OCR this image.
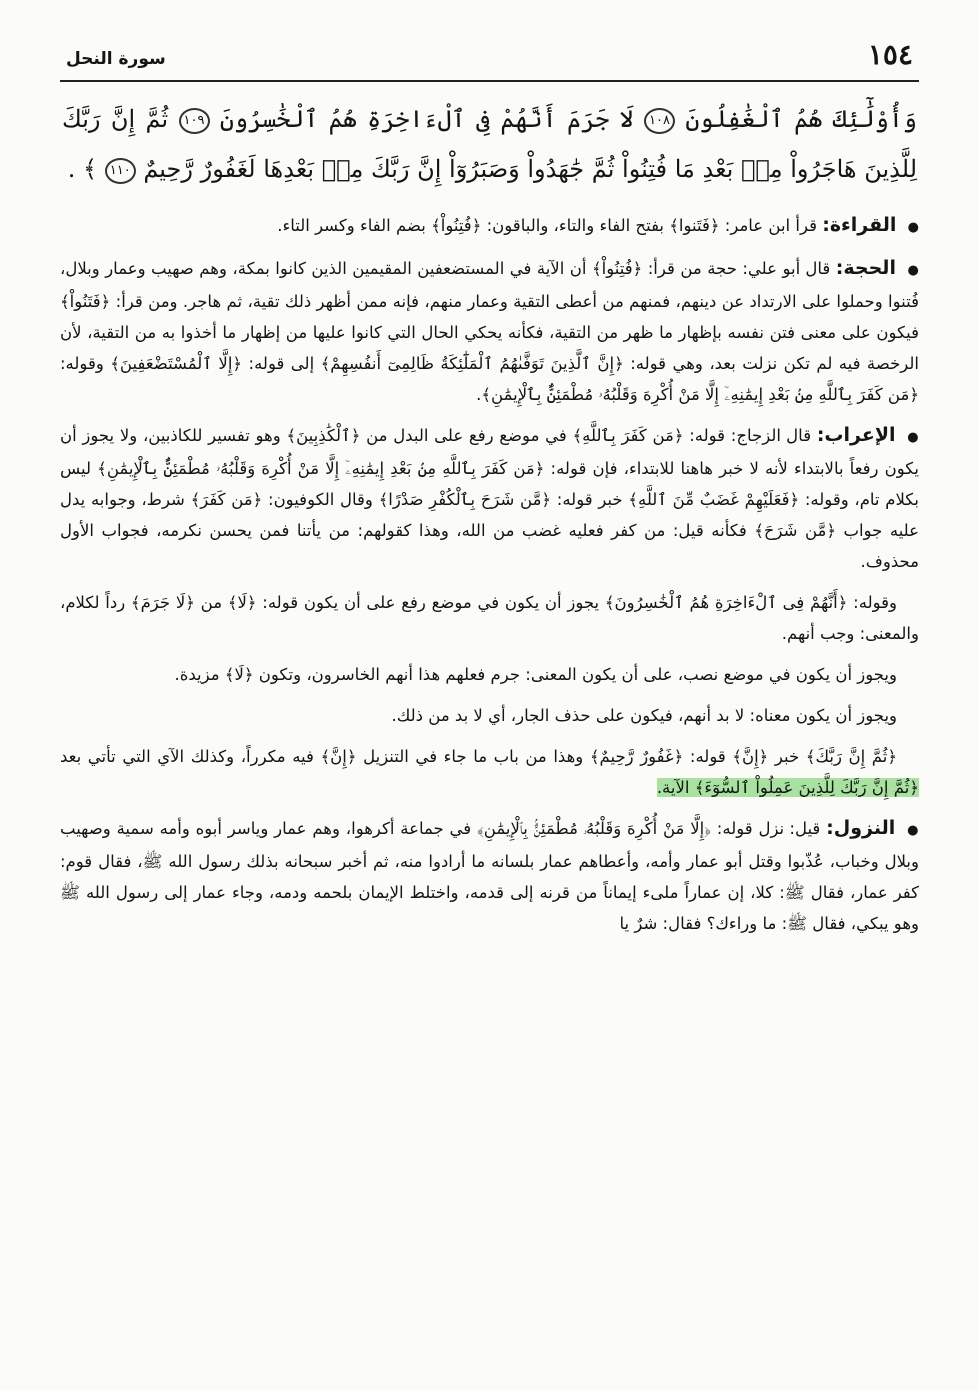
١٥٤
سورة النحل
وَأُوْلَٰٓئِكَ هُمُ ٱلْغَٰفِلُونَ ١٠٨ لَا جَرَمَ أَنَّهُمْ فِى ٱلْءَاخِرَةِ هُمُ ٱلْخَٰسِرُونَ ١٠٩ ثُمَّ إِنَّ رَبَّكَ لِلَّذِينَ هَاجَرُواْ مِنۢ بَعْدِ مَا فُتِنُواْ ثُمَّ جَٰهَدُواْ وَصَبَرُوٓاْ إِنَّ رَبَّكَ مِنۢ بَعْدِهَا لَغَفُورٌ رَّحِيمٌ ١١٠ ﴾ .
● القراءة: قرأ ابن عامر: ﴿فَتَنوا﴾ بفتح الفاء والتاء، والباقون: ﴿فُتِنُواْ﴾ بضم الفاء وكسر التاء.
● الحجة: قال أبو علي: حجة من قرأ: ﴿فُتِنُواْ﴾ أن الآية في المستضعفين المقيمين الذين كانوا بمكة، وهم صهيب وعمار وبلال، فُتنوا وحملوا على الارتداد عن دينهم، فمنهم من أعطى التقية وعمار منهم، فإنه ممن أظهر ذلك تقية، ثم هاجر. ومن قرأ: ﴿فَتَنُواْ﴾ فيكون على معنى فتن نفسه بإظهار ما ظهر من التقية، فكأنه يحكي الحال التي كانوا عليها من إظهار ما أخذوا به من التقية، لأن الرخصة فيه لم تكن نزلت بعد، وهي قوله: ﴿إِنَّ ٱلَّذِينَ تَوَفَّىٰهُمُ ٱلْمَلَٰٓئِكَةُ ظَالِمِىٓ أَنفُسِهِمْ﴾ إلى قوله: ﴿إِلَّا ٱلْمُسْتَضْعَفِينَ﴾ وقوله: ﴿مَن كَفَرَ بِٱللَّهِ مِنۢ بَعْدِ إِيمَٰنِهِۦٓ إِلَّا مَنْ أُكْرِهَ وَقَلْبُهُۥ مُطْمَئِنٌّۢ بِٱلْإِيمَٰنِ﴾.
● الإعراب: قال الزجاج: قوله: ﴿مَن كَفَرَ بِٱللَّهِ﴾ في موضع رفع على البدل من ﴿ٱلْكَٰذِبِينَ﴾ وهو تفسير للكاذبين، ولا يجوز أن يكون رفعاً بالابتداء لأنه لا خبر هاهنا للابتداء، فإن قوله: ﴿مَن كَفَرَ بِٱللَّهِ مِنۢ بَعْدِ إِيمَٰنِهِۦٓ إِلَّا مَنْ أُكْرِهَ وَقَلْبُهُۥ مُطْمَئِنٌّۢ بِٱلْإِيمَٰنِ﴾ ليس بكلام تام، وقوله: ﴿فَعَلَيْهِمْ غَضَبٌ مِّنَ ٱللَّهِ﴾ خبر قوله: ﴿مَّن شَرَحَ بِٱلْكُفْرِ صَدْرًا﴾ وقال الكوفيون: ﴿مَن كَفَرَ﴾ شرط، وجوابه يدل عليه جواب ﴿مَّن شَرَحَ﴾ فكأنه قيل: من كفر فعليه غضب من الله، وهذا كقولهم: من يأتنا فمن يحسن نكرمه، فجواب الأول محذوف.
وقوله: ﴿أَنَّهُمْ فِى ٱلْءَاخِرَةِ هُمُ ٱلْخَٰسِرُونَ﴾ يجوز أن يكون في موضع رفع على أن يكون قوله: ﴿لَا﴾ من ﴿لَا جَرَمَ﴾ رداً لكلام، والمعنى: وجب أنهم.
ويجوز أن يكون في موضع نصب، على أن يكون المعنى: جرم فعلهم هذا أنهم الخاسرون، وتكون ﴿لَا﴾ مزيدة.
ويجوز أن يكون معناه: لا بد أنهم، فيكون على حذف الجار، أي لا بد من ذلك.
﴿ثُمَّ إِنَّ رَبَّكَ﴾ خبر ﴿إِنَّ﴾ قوله: ﴿غَفُورٌ رَّحِيمٌ﴾ وهذا من باب ما جاء في التنزيل ﴿إِنَّ﴾ فيه مكرراً، وكذلك الآي التي تأتي بعد ﴿ثُمَّ إِنَّ رَبَّكَ لِلَّذِينَ عَمِلُواْ ٱلسُّوٓءَ﴾ الآية.
● النزول: قيل: نزل قوله: ﴿إِلَّا مَنْ أُكْرِهَ وَقَلْبُهُۥ مُطْمَئِنٌّۢ بِٱلْإِيمَٰنِ﴾ في جماعة أكرهوا، وهم عمار وياسر أبوه وأمه سمية وصهيب وبلال وخباب، عُذّبوا وقتل أبو عمار وأمه، وأعطاهم عمار بلسانه ما أرادوا منه، ثم أخبر سبحانه بذلك رسول الله ﷺ، فقال قوم: كفر عمار، فقال ﷺ: كلا، إن عماراً ملىء إيماناً من قرنه إلى قدمه، واختلط الإيمان بلحمه ودمه، وجاء عمار إلى رسول الله ﷺ وهو يبكي، فقال ﷺ: ما وراءك؟ فقال: شرٌ يا
